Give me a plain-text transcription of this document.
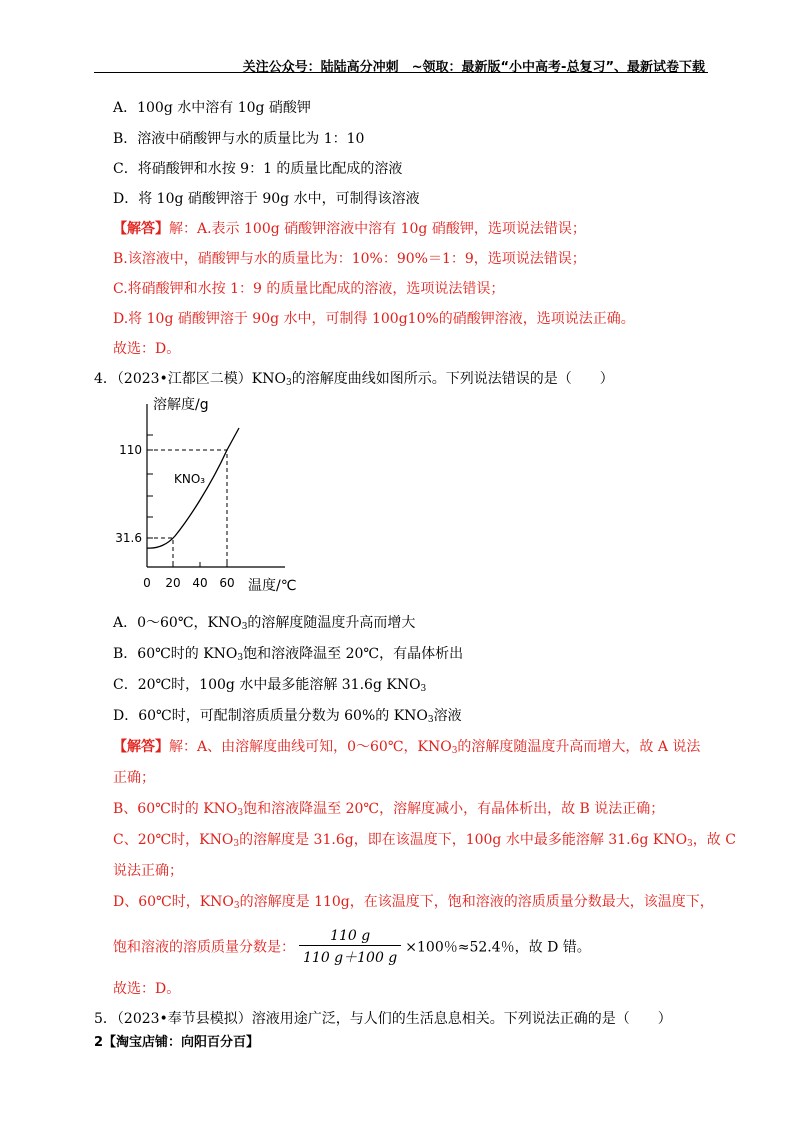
关注公众号：陆陆高分冲刺　~领取：最新版“小中高考-总复习”、最新试卷下载
A．100g 水中溶有 10g 硝酸钾
B．溶液中硝酸钾与水的质量比为 1：10
C．将硝酸钾和水按 9：1 的质量比配成的溶液
D．将 10g 硝酸钾溶于 90g 水中，可制得该溶液
【解答】解：A.表示 100g 硝酸钾溶液中溶有 10g 硝酸钾，选项说法错误；
B.该溶液中，硝酸钾与水的质量比为：10%：90%＝1：9，选项说法错误；
C.将硝酸钾和水按 1：9 的质量比配成的溶液，选项说法错误；
D.将 10g 硝酸钾溶于 90g 水中，可制得 100g10%的硝酸钾溶液，选项说法正确。
故选：D。
4．（2023•江都区二模）$KNO_3$的溶解度曲线如图所示。下列说法错误的是（　　）
溶解度/g
温度/℃
KNO₃
110
31.6
0 20 40 60
A．0～60℃，$KNO_3$的溶解度随温度升高而增大
B．60℃时的 $KNO_3$饱和溶液降温至 20℃，有晶体析出
C．20℃时，100g 水中最多能溶解 31.6g $KNO_3$
D．60℃时，可配制溶质质量分数为 60%的 $KNO_3$溶液
【解答】解：A、由溶解度曲线可知，0～60℃，$KNO_3$的溶解度随温度升高而增大，故 A 说法
正确；
B、60℃时的 $KNO_3$饱和溶液降温至 20℃，溶解度减小，有晶体析出，故 B 说法正确；
C、20℃时，$KNO_3$的溶解度是 31.6g，即在该温度下，100g 水中最多能溶解 31.6g $KNO_3$，故 C
说法正确；
D、60℃时，$KNO_3$的溶解度是 110g，在该温度下，饱和溶液的溶质质量分数最大，该温度下，
饱和溶液的溶质质量分数是： $\frac{110 g}{110 g+100 g} \times 100$％≈52.4％，故 D 错。
故选：D。
5．（2023•奉节县模拟）溶液用途广泛，与人们的生活息息相关。下列说法正确的是（　　）
2【淘宝店铺：向阳百分百】
